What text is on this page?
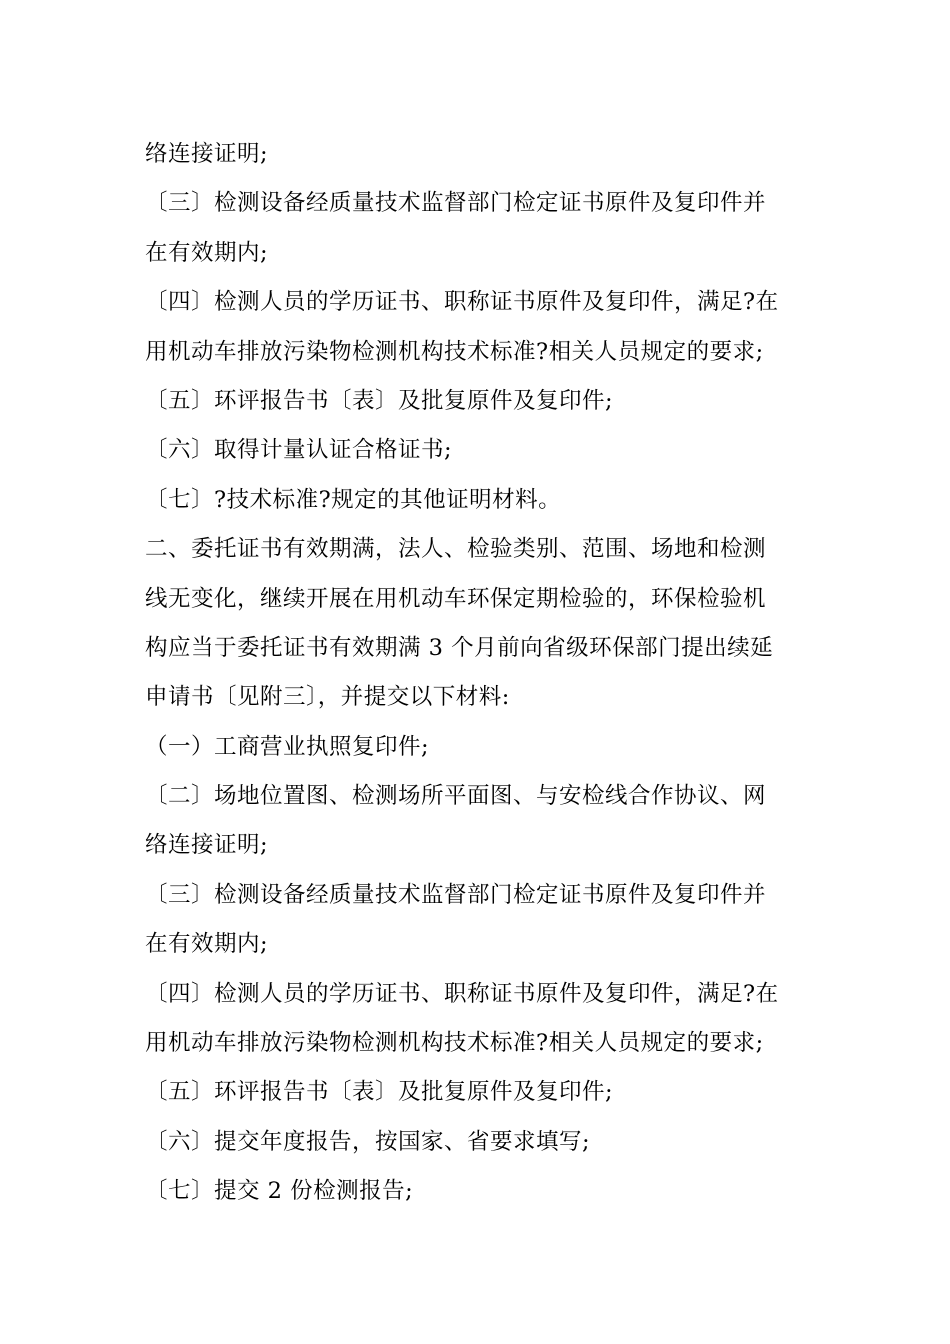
络连接证明;
〔三〕检测设备经质量技术监督部门检定证书原件及复印件并
在有效期内;
〔四〕检测人员的学历证书、职称证书原件及复印件，满足?在
用机动车排放污染物检测机构技术标准?相关人员规定的要求;
〔五〕环评报告书〔表〕及批复原件及复印件;
〔六〕取得计量认证合格证书;
〔七〕?技术标准?规定的其他证明材料。
二、委托证书有效期满，法人、检验类别、范围、场地和检测
线无变化，继续开展在用机动车环保定期检验的，环保检验机
构应当于委托证书有效期满 3 个月前向省级环保部门提出续延
申请书〔见附三〕，并提交以下材料:
（一）工商营业执照复印件;
〔二〕场地位置图、检测场所平面图、与安检线合作协议、网
络连接证明;
〔三〕检测设备经质量技术监督部门检定证书原件及复印件并
在有效期内;
〔四〕检测人员的学历证书、职称证书原件及复印件，满足?在
用机动车排放污染物检测机构技术标准?相关人员规定的要求;
〔五〕环评报告书〔表〕及批复原件及复印件;
〔六〕提交年度报告，按国家、省要求填写;
〔七〕提交 2 份检测报告;
